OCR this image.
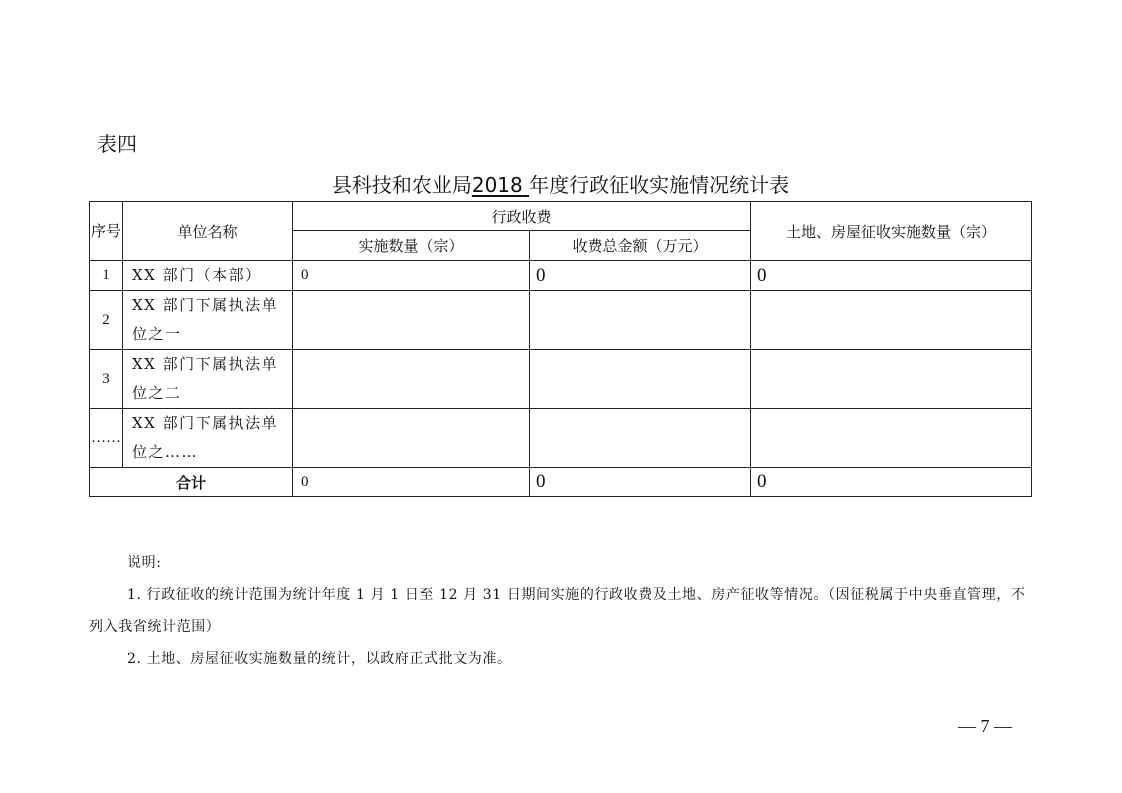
表四
县科技和农业局2018 年度行政征收实施情况统计表
序号	单位名称	行政收费		土地、房屋征收实施数量（宗）
		实施数量（宗）	收费总金额（万元）	
1	XX 部门（本部）	0	0	0
2	XX 部门下属执法单位之一			
3	XX 部门下属执法单位之二			
……	XX 部门下属执法单位之……			
合计		0	0	0

说明:

1. 行政征收的统计范围为统计年度 1 月 1 日至 12 月 31 日期间实施的行政收费及土地、房产征收等情况。（因征税属于中央垂直管理，不列入我省统计范围）

2. 土地、房屋征收实施数量的统计，以政府正式批文为准。

— 7 —
